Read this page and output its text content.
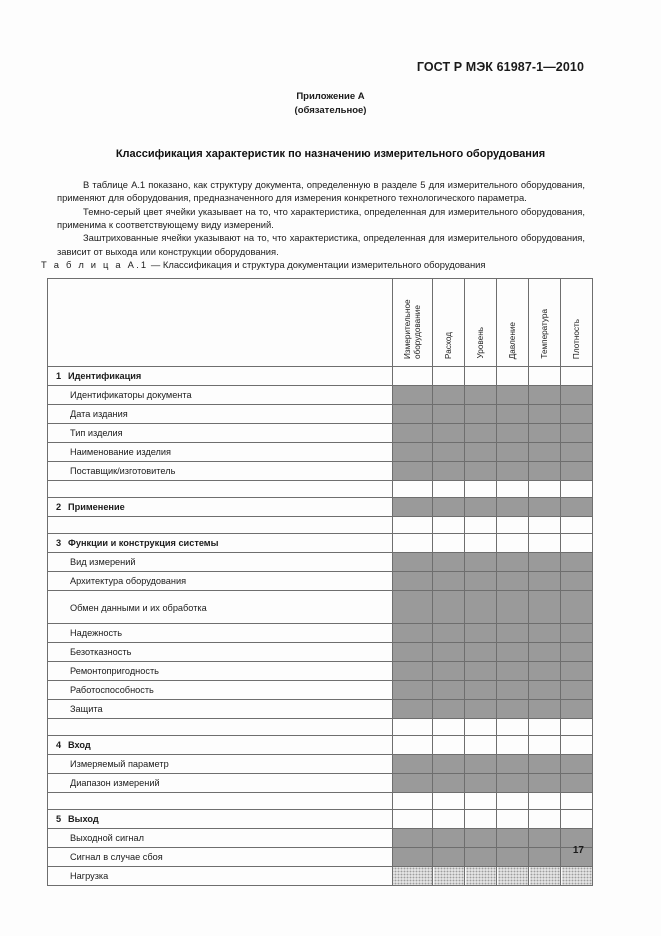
ГОСТ Р МЭК 61987-1—2010
Приложение А
(обязательное)
Классификация характеристик по назначению измерительного оборудования

В таблице А.1 показано, как структуру документа, определенную в разделе 5 для измерительного оборудования, применяют для оборудования, предназначенного для измерения конкретного технологического параметра.

Темно-серый цвет ячейки указывает на то, что характеристика, определенная для измерительного оборудования, применима к соответствующему виду измерений.

Заштрихованные ячейки указывают на то, что характеристика, определенная для измерительного оборудования, зависит от выхода или конструкции оборудования.

Т а б л и ц а А.1 — Классификация и структура документации измерительного оборудования
	Измерительное оборудование	Расход	Уровень	Давление	Температура	Плотность
1 Идентификация						
Идентификаторы документа						
Дата издания						
Тип изделия						
Наименование изделия						
Поставщик/изготовитель						

2 Применение						

3 Функции и конструкция системы						
Вид измерений						
Архитектура оборудования						
Обмен данными и их обработка						
Надежность						
Безотказность						
Ремонтопригодность						
Работоспособность						
Защита						

4 Вход						
Измеряемый параметр						
Диапазон измерений						

5 Выход						
Выходной сигнал						
Сигнал в случае сбоя						
Нагрузка						
17
